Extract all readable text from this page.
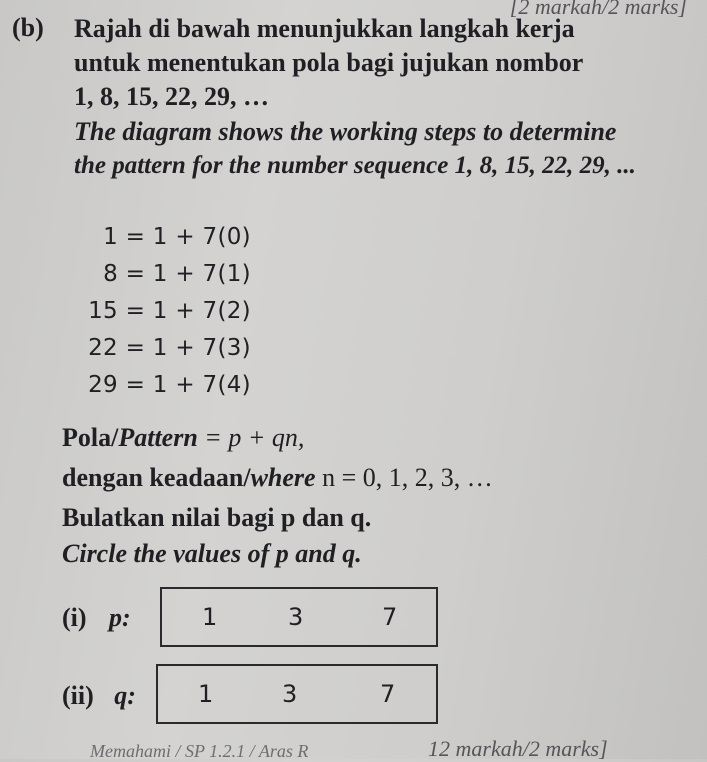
[2 markah/2 marks]
(b) Rajah di bawah menunjukkan langkah kerja
untuk menentukan pola bagi jujukan nombor
1, 8, 15, 22, 29, …
The diagram shows the working steps to determine
the pattern for the number sequence 1, 8, 15, 22, 29, ...
1 = 1 + 7(0)
8 = 1 + 7(1)
15 = 1 + 7(2)
22 = 1 + 7(3)
29 = 1 + 7(4)
Pola/Pattern = p + qn,
dengan keadaan/where n = 0, 1, 2, 3, …
Bulatkan nilai bagi p dan q.
Circle the values of p and q.
(i) p:	1	3	7
(ii) q:	1	3	7
Memahami / SP 1.2.1 / Aras R	12 markah/2 marks]
